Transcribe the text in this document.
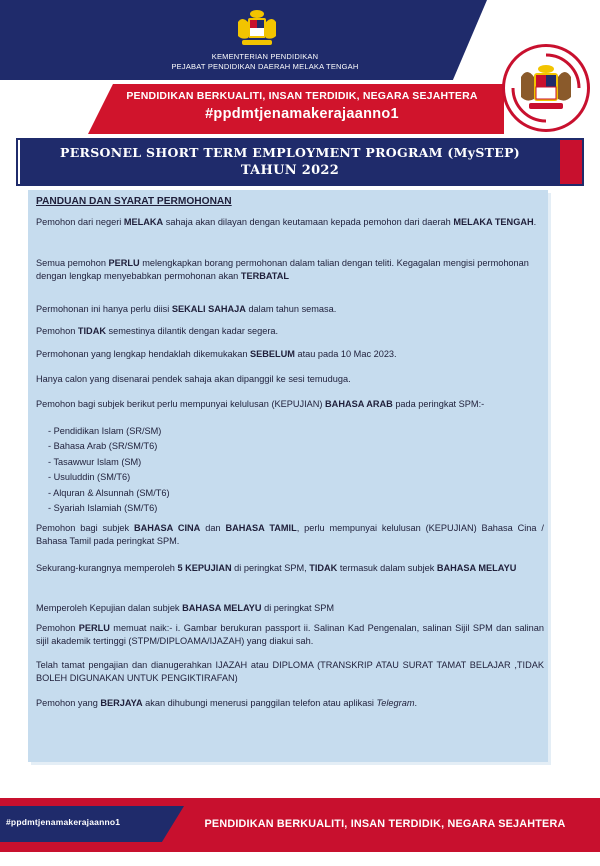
KEMENTERIAN PENDIDIKAN
PEJABAT PENDIDIKAN DAERAH MELAKA TENGAH
PENDIDIKAN BERKUALITI, INSAN TERDIDIK, NEGARA SEJAHTERA
#ppdmtjenamakerajaanno1
PERSONEL SHORT TERM EMPLOYMENT PROGRAM (MySTEP)
TAHUN 2022
PANDUAN DAN SYARAT PERMOHONAN
Pemohon dari negeri MELAKA sahaja akan dilayan dengan keutamaan kepada pemohon dari daerah MELAKA TENGAH.
Semua pemohon PERLU melengkapkan borang permohonan dalam talian dengan teliti. Kegagalan mengisi permohonan dengan lengkap menyebabkan permohonan akan TERBATAL
Permohonan ini hanya perlu diisi SEKALI SAHAJA dalam tahun semasa.
Pemohon TIDAK semestinya dilantik dengan kadar segera.
Permohonan yang lengkap hendaklah dikemukakan SEBELUM atau pada 10 Mac 2023.
Hanya calon yang disenarai pendek sahaja akan dipanggil ke sesi temuduga.
Pemohon bagi subjek berikut perlu mempunyai kelulusan (KEPUJIAN) BAHASA ARAB pada peringkat SPM:-
- Pendidikan Islam (SR/SM)
- Bahasa Arab (SR/SM/T6)
- Tasawwur Islam (SM)
- Usuluddin (SM/T6)
- Alquran & Alsunnah (SM/T6)
- Syariah Islamiah (SM/T6)
Pemohon bagi subjek BAHASA CINA dan BAHASA TAMIL, perlu mempunyai kelulusan (KEPUJIAN) Bahasa Cina / Bahasa Tamil pada peringkat SPM.
Sekurang-kurangnya memperoleh 5 KEPUJIAN di peringkat SPM, TIDAK termasuk dalam subjek BAHASA MELAYU
Memperoleh Kepujian dalan subjek BAHASA MELAYU di peringkat SPM
Pemohon PERLU memuat naik:- i. Gambar berukuran passport ii. Salinan Kad Pengenalan, salinan Sijil SPM dan salinan sijil akademik tertinggi (STPM/DIPLOAMA/IJAZAH) yang diakui sah.
Telah tamat pengajian dan dianugerahkan IJAZAH atau DIPLOMA (TRANSKRIP ATAU SURAT TAMAT BELAJAR ,TIDAK BOLEH DIGUNAKAN UNTUK PENGIKTIRAFAN)
Pemohon yang BERJAYA akan dihubungi menerusi panggilan telefon atau aplikasi Telegram.
#ppdmtjenamakerajaanno1	PENDIDIKAN BERKUALITI, INSAN TERDIDIK, NEGARA SEJAHTERA
